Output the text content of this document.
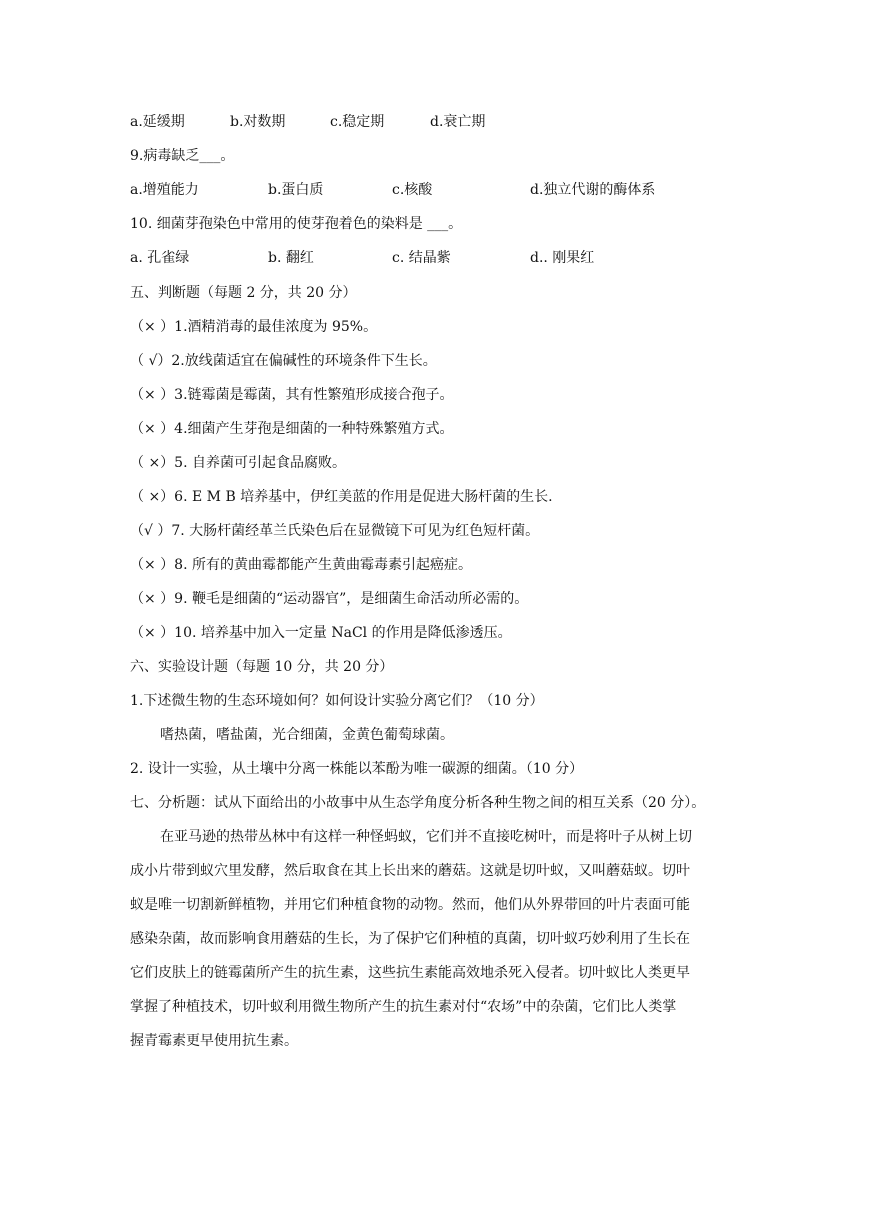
a.延缓期	b.对数期	c.稳定期	d.衰亡期
9.病毒缺乏___。
a.增殖能力	b.蛋白质	c.核酸	d.独立代谢的酶体系
10. 细菌芽孢染色中常用的使芽孢着色的染料是 ___。
a. 孔雀绿	b. 翻红	c. 结晶紫	d.. 刚果红
五、判断题（每题 2 分，共 20 分）
（× ）1.酒精消毒的最佳浓度为 95%。
（ √）2.放线菌适宜在偏碱性的环境条件下生长。
（× ）3.链霉菌是霉菌，其有性繁殖形成接合孢子。
（× ）4.细菌产生芽孢是细菌的一种特殊繁殖方式。
（ ×）5. 自养菌可引起食品腐败。
（ ×）6. E M B 培养基中，伊红美蓝的作用是促进大肠杆菌的生长.
（√ ）7. 大肠杆菌经革兰氏染色后在显微镜下可见为红色短杆菌。
（× ）8. 所有的黄曲霉都能产生黄曲霉毒素引起癌症。
（× ）9. 鞭毛是细菌的“运动器官”，是细菌生命活动所必需的。
（× ）10. 培养基中加入一定量 NaCl 的作用是降低渗透压。
六、实验设计题（每题 10 分，共 20 分）
1.下述微生物的生态环境如何？如何设计实验分离它们？（10 分）
嗜热菌，嗜盐菌，光合细菌，金黄色葡萄球菌。
2. 设计一实验，从土壤中分离一株能以苯酚为唯一碳源的细菌。（10 分）
七、分析题：试从下面给出的小故事中从生态学角度分析各种生物之间的相互关系（20 分）。
在亚马逊的热带丛林中有这样一种怪蚂蚁，它们并不直接吃树叶，而是将叶子从树上切
成小片带到蚁穴里发酵，然后取食在其上长出来的蘑菇。这就是切叶蚁，又叫蘑菇蚁。切叶
蚁是唯一切割新鲜植物，并用它们种植食物的动物。然而，他们从外界带回的叶片表面可能
感染杂菌，故而影响食用蘑菇的生长，为了保护它们种植的真菌，切叶蚁巧妙利用了生长在
它们皮肤上的链霉菌所产生的抗生素，这些抗生素能高效地杀死入侵者。切叶蚁比人类更早
掌握了种植技术，切叶蚁利用微生物所产生的抗生素对付“农场”中的杂菌，它们比人类掌
握青霉素更早使用抗生素。
